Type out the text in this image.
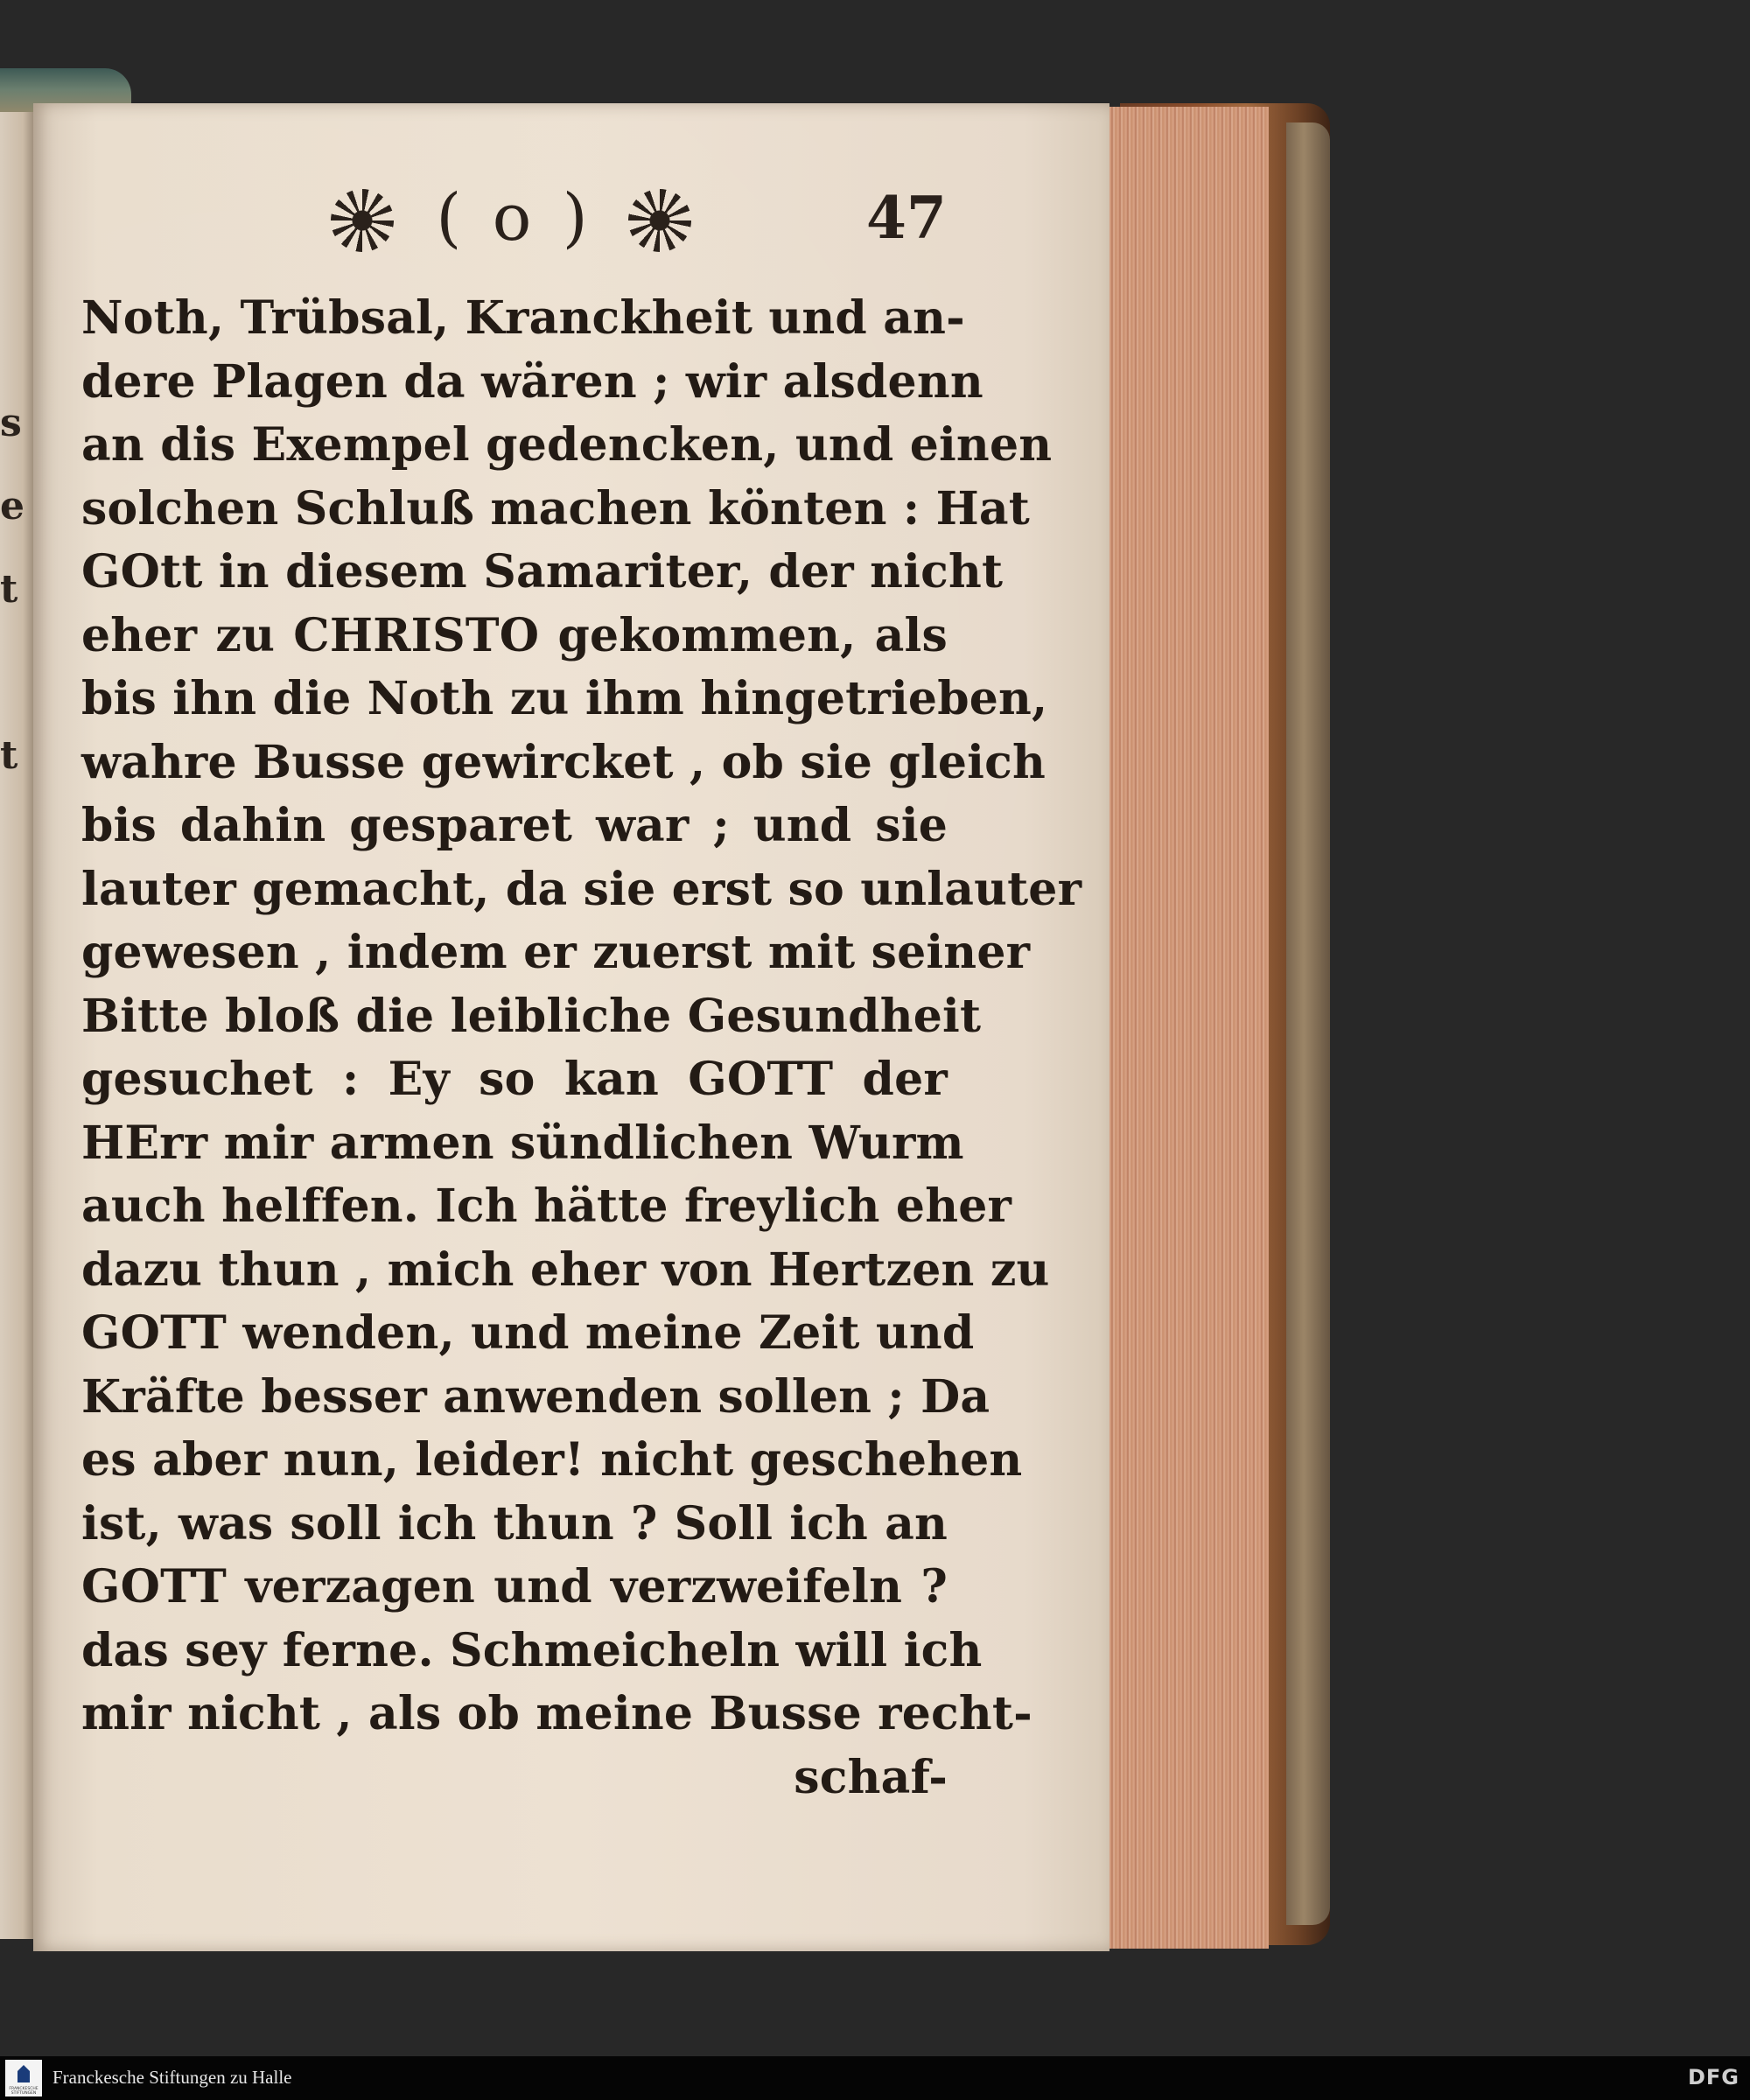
s
e
t
t
( o )	47
Noth, Trübsal, Kranckheit und an-
dere Plagen da wären ; wir alsdenn
an dis Exempel gedencken, und einen
solchen Schluß machen könten : Hat
GOtt in diesem Samariter, der nicht
eher zu CHRISTO gekommen, als
bis ihn die Noth zu ihm hingetrieben,
wahre Busse gewircket , ob sie gleich
bis dahin gesparet war ; und sie
lauter gemacht, da sie erst so unlauter
gewesen , indem er zuerst mit seiner
Bitte bloß die leibliche Gesundheit
gesuchet : Ey so kan GOTT der
HErr mir armen sündlichen Wurm
auch helffen. Ich hätte freylich eher
dazu thun , mich eher von Hertzen zu
GOTT wenden, und meine Zeit und
Kräfte besser anwenden sollen ; Da
es aber nun, leider! nicht geschehen
ist, was soll ich thun ? Soll ich an
GOTT verzagen und verzweifeln ?
das sey ferne. Schmeicheln will ich
mir nicht , als ob meine Busse recht-
schaf-
FRANCKESCHE STIFTUNGEN
Franckesche Stiftungen zu Halle	DFG
